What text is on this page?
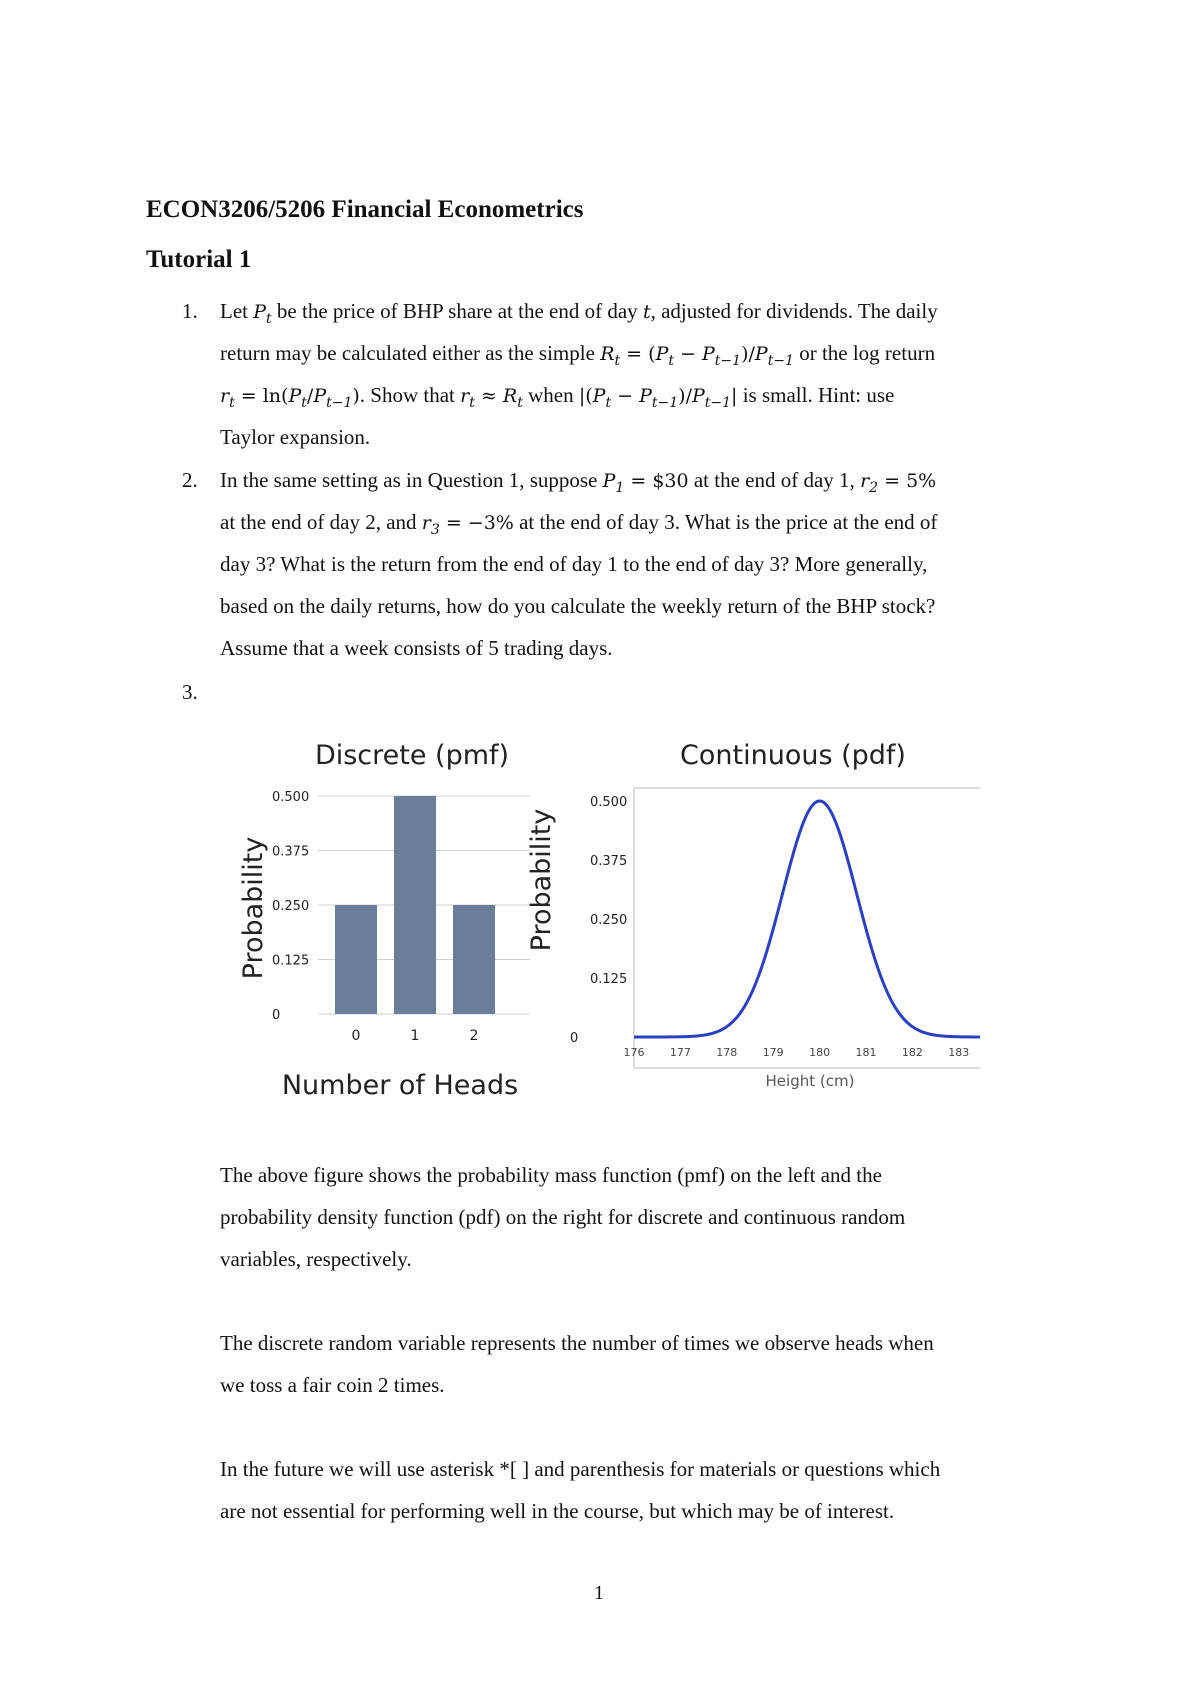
ECON3206/5206 Financial Econometrics
Tutorial 1
1. Let $P_t$ be the price of BHP share at the end of day t, adjusted for dividends. The daily
return may be calculated either as the simple $R_t = (P_t - P_{t-1})/P_{t-1}$ or the log return
$r_t = \ln(P_t/P_{t-1})$. Show that $r_t \approx R_t$ when $|(P_t - P_{t-1})/P_{t-1}|$ is small. Hint: use
Taylor expansion.
2. In the same setting as in Question 1, suppose $P_1$ = $30 at the end of day 1, $r_2 = 5\%$
at the end of day 2, and $r_3 = -3\%$ at the end of day 3. What is the price at the end of
day 3? What is the return from the end of day 1 to the end of day 3? More generally,
based on the daily returns, how do you calculate the weekly return of the BHP stock?
Assume that a week consists of 5 trading days.
3.
Discrete (pmf)
Probability
Number of Heads
0
0.125
0.250
0.375
0.500
0	1	2
Continuous (pdf)
Probability
Height (cm)
0
0.125
0.250
0.375
0.500
176 177 178 179 180 181 182 183
The above figure shows the probability mass function (pmf) on the left and the
probability density function (pdf) on the right for discrete and continuous random
variables, respectively.
The discrete random variable represents the number of times we observe heads when
we toss a fair coin 2 times.
In the future we will use asterisk *[ ] and parenthesis for materials or questions which
are not essential for performing well in the course, but which may be of interest.
1
